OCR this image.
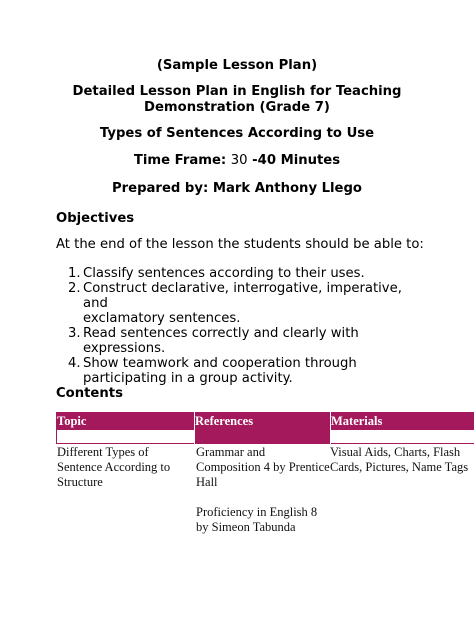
(Sample Lesson Plan)
Detailed Lesson Plan in English for Teaching
Demonstration (Grade 7)
Types of Sentences According to Use
Time Frame: 30 -40 Minutes
Prepared by: Mark Anthony Llego
Objectives
At the end of the lesson the students should be able to:
1. Classify sentences according to their uses.
2. Construct declarative, interrogative, imperative, and
exclamatory sentences.
3. Read sentences correctly and clearly with
expressions.
4. Show teamwork and cooperation through
participating in a group activity.
Contents
Topic	References	Materials
Different Types of
Sentence According to
Structure
Grammar and
Composition 4 by Prentice
Hall
Proficiency in English 8
by Simeon Tabunda
Visual Aids, Charts, Flash
Cards, Pictures, Name Tags
